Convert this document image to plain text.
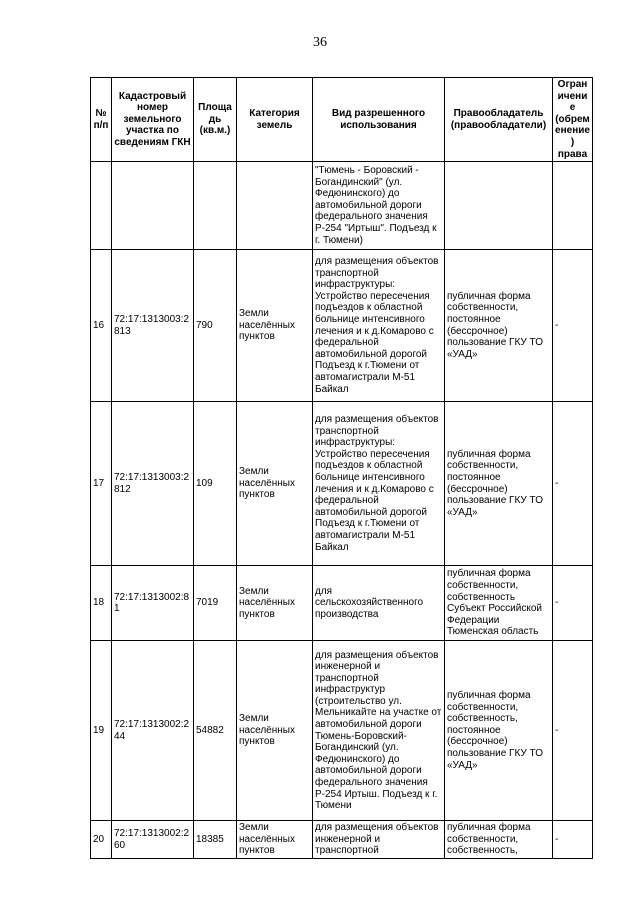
36
№ п/п	Кадастровый номер земельного участка по сведениям ГКН	Площадь (кв.м.)	Категория земель	Вид разрешенного использования	Правообладатель (правообладатели)	Ограничение (обременение) права
				"Тюмень - Боровский - Богандинский" (ул. Федюнинского) до автомобильной дороги федерального значения Р-254 "Иртыш". Подъезд к г. Тюмени)		
16	72:17:1313003:2813	790	Земли населённых пунктов	для размещения объектов транспортной инфраструктуры: Устройство пересечения подъездов к областной больнице интенсивного лечения и к д.Комарово с федеральной автомобильной дорогой Подъезд к г.Тюмени от автомагистрали М-51 Байкал	публичная форма собственности, постоянное (бессрочное) пользование ГКУ ТО «УАД»	-
17	72:17:1313003:2812	109	Земли населённых пунктов	для размещения объектов транспортной инфраструктуры: Устройство пересечения подъездов к областной больнице интенсивного лечения и к д.Комарово с федеральной автомобильной дорогой Подъезд к г.Тюмени от автомагистрали М-51 Байкал	публичная форма собственности, постоянное (бессрочное) пользование ГКУ ТО «УАД»	-
18	72:17:1313002:81	7019	Земли населённых пунктов	для сельскохозяйственного производства	публичная форма собственности, собственность Субъект Российской Федерации Тюменская область	-
19	72:17:1313002:244	54882	Земли населённых пунктов	для размещения объектов инженерной и транспортной инфраструктур (строительство ул. Мельникайте на участке от автомобильной дороги Тюмень-Боровский-Богандинский (ул. Федюнинского) до автомобильной дороги федерального значения Р-254 Иртыш. Подъезд к г. Тюмени	публичная форма собственности, собственность, постоянное (бессрочное) пользование ГКУ ТО «УАД»	-
20	72:17:1313002:260	18385	Земли населённых пунктов	для размещения объектов инженерной и транспортной	публичная форма собственности, собственность,	-
